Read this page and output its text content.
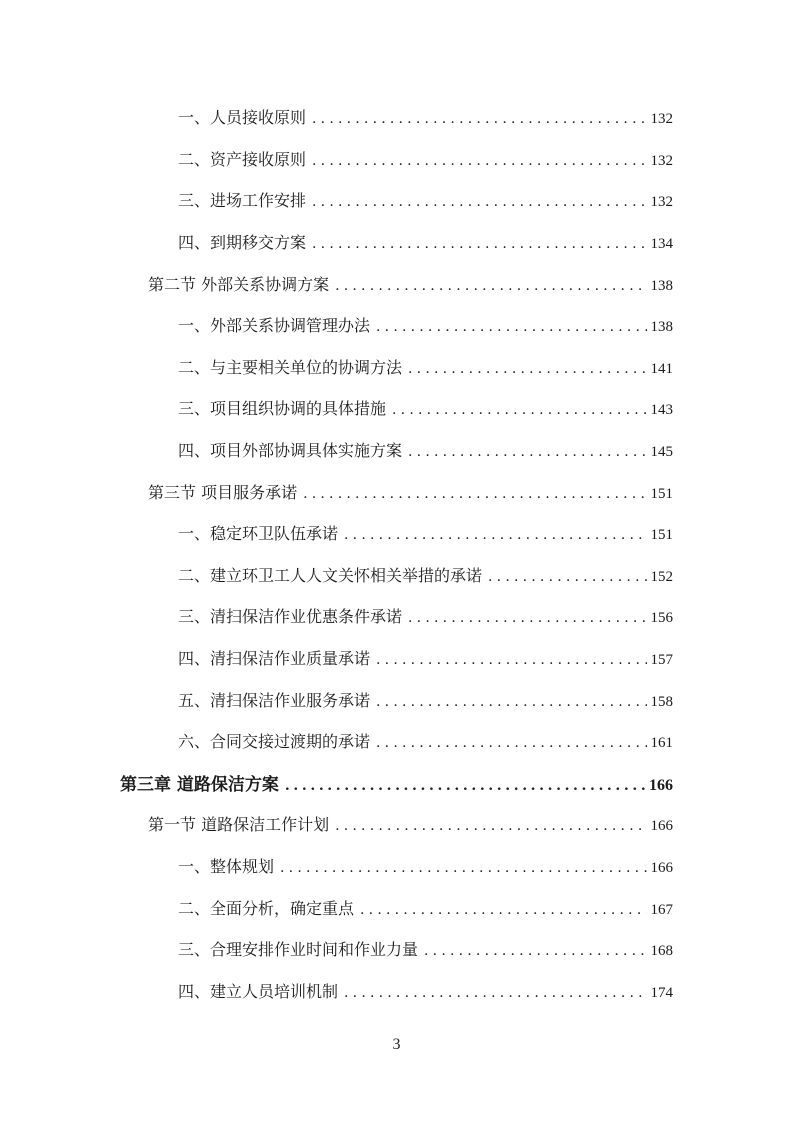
一、人员接收原则 .....	132
二、资产接收原则 .....	132
三、进场工作安排 .....	132
四、到期移交方案 .....	134
第二节 外部关系协调方案 .....	138
一、外部关系协调管理办法 .....	138
二、与主要相关单位的协调方法 .....	141
三、项目组织协调的具体措施 .....	143
四、项目外部协调具体实施方案 .....	145
第三节 项目服务承诺 .....	151
一、稳定环卫队伍承诺 .....	151
二、建立环卫工人人文关怀相关举措的承诺 .....	152
三、清扫保洁作业优惠条件承诺 .....	156
四、清扫保洁作业质量承诺 .....	157
五、清扫保洁作业服务承诺 .....	158
六、合同交接过渡期的承诺 .....	161
第三章 道路保洁方案 .....	166
第一节 道路保洁工作计划 .....	166
一、整体规划 .....	166
二、全面分析，确定重点 .....	167
三、合理安排作业时间和作业力量 .....	168
四、建立人员培训机制 .....	174
3
